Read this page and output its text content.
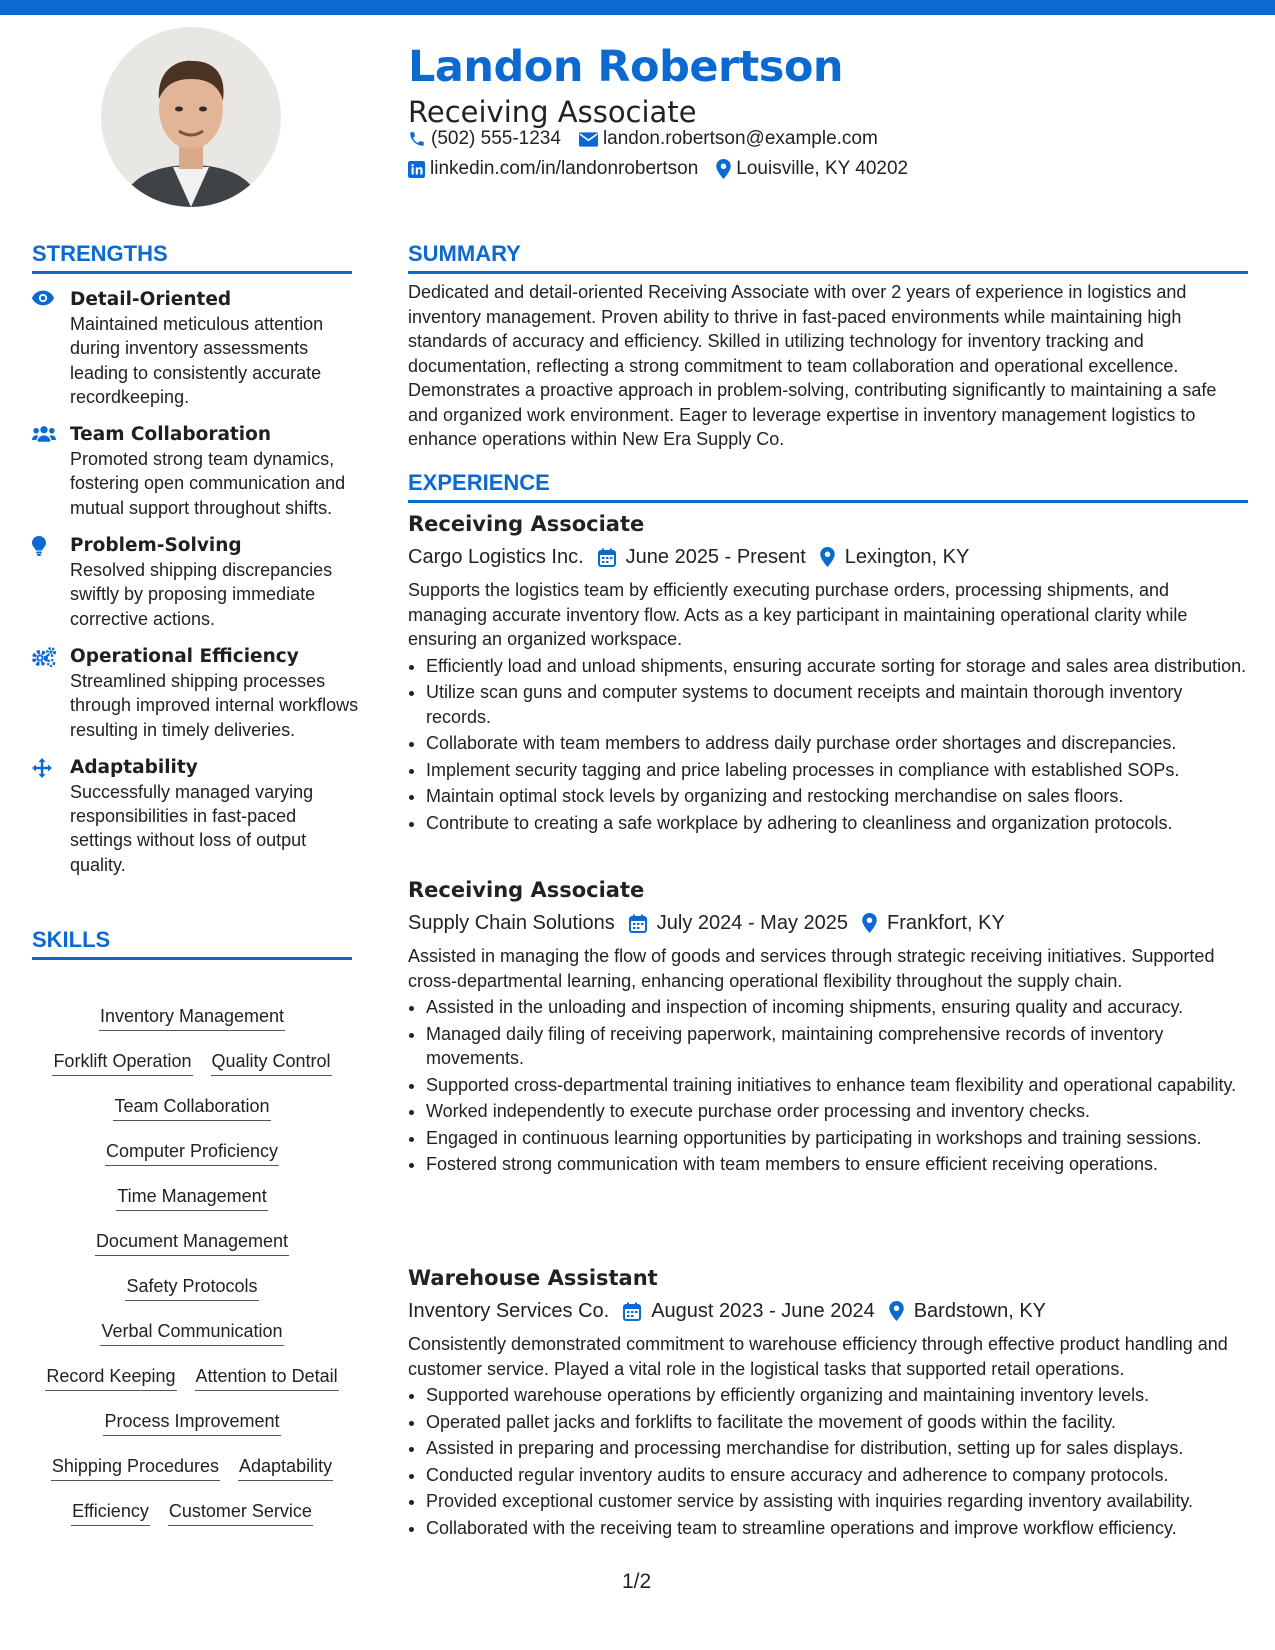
Landon Robertson
Receiving Associate
(502) 555-1234 landon.robertson@example.com
linkedin.com/in/landonrobertson Louisville, KY 40202
STRENGTHS
Detail-Oriented
Maintained meticulous attention during inventory assessments leading to consistently accurate recordkeeping.
Team Collaboration
Promoted strong team dynamics, fostering open communication and mutual support throughout shifts.
Problem-Solving
Resolved shipping discrepancies swiftly by proposing immediate corrective actions.
Operational Efficiency
Streamlined shipping processes through improved internal workflows resulting in timely deliveries.
Adaptability
Successfully managed varying responsibilities in fast-paced settings without loss of output quality.
SKILLS
Inventory Management
Forklift Operation Quality Control
Team Collaboration
Computer Proficiency
Time Management
Document Management
Safety Protocols
Verbal Communication
Record Keeping Attention to Detail
Process Improvement
Shipping Procedures Adaptability
Efficiency Customer Service
SUMMARY
Dedicated and detail-oriented Receiving Associate with over 2 years of experience in logistics and inventory management. Proven ability to thrive in fast-paced environments while maintaining high standards of accuracy and efficiency. Skilled in utilizing technology for inventory tracking and documentation, reflecting a strong commitment to team collaboration and operational excellence. Demonstrates a proactive approach in problem-solving, contributing significantly to maintaining a safe and organized work environment. Eager to leverage expertise in inventory management logistics to enhance operations within New Era Supply Co.
EXPERIENCE
Receiving Associate
Cargo Logistics Inc. June 2025 - Present Lexington, KY
Supports the logistics team by efficiently executing purchase orders, processing shipments, and managing accurate inventory flow. Acts as a key participant in maintaining operational clarity while ensuring an organized workspace.
• Efficiently load and unload shipments, ensuring accurate sorting for storage and sales area distribution.
• Utilize scan guns and computer systems to document receipts and maintain thorough inventory records.
• Collaborate with team members to address daily purchase order shortages and discrepancies.
• Implement security tagging and price labeling processes in compliance with established SOPs.
• Maintain optimal stock levels by organizing and restocking merchandise on sales floors.
• Contribute to creating a safe workplace by adhering to cleanliness and organization protocols.
Receiving Associate
Supply Chain Solutions July 2024 - May 2025 Frankfort, KY
Assisted in managing the flow of goods and services through strategic receiving initiatives. Supported cross-departmental learning, enhancing operational flexibility throughout the supply chain.
• Assisted in the unloading and inspection of incoming shipments, ensuring quality and accuracy.
• Managed daily filing of receiving paperwork, maintaining comprehensive records of inventory movements.
• Supported cross-departmental training initiatives to enhance team flexibility and operational capability.
• Worked independently to execute purchase order processing and inventory checks.
• Engaged in continuous learning opportunities by participating in workshops and training sessions.
• Fostered strong communication with team members to ensure efficient receiving operations.
Warehouse Assistant
Inventory Services Co. August 2023 - June 2024 Bardstown, KY
Consistently demonstrated commitment to warehouse efficiency through effective product handling and customer service. Played a vital role in the logistical tasks that supported retail operations.
• Supported warehouse operations by efficiently organizing and maintaining inventory levels.
• Operated pallet jacks and forklifts to facilitate the movement of goods within the facility.
• Assisted in preparing and processing merchandise for distribution, setting up for sales displays.
• Conducted regular inventory audits to ensure accuracy and adherence to company protocols.
• Provided exceptional customer service by assisting with inquiries regarding inventory availability.
• Collaborated with the receiving team to streamline operations and improve workflow efficiency.
1/2
